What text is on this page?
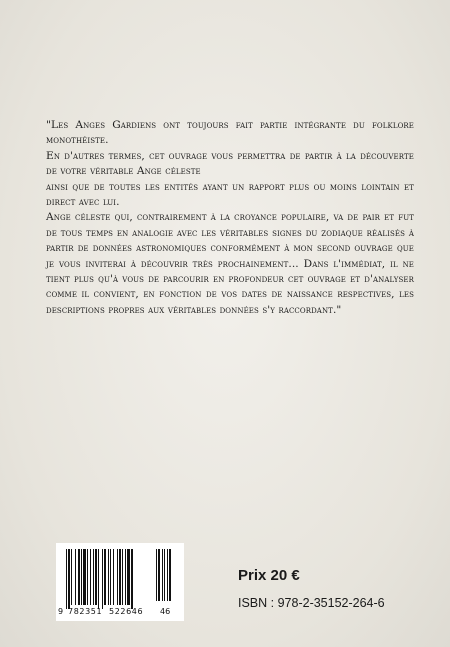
"Les Anges Gardiens ont toujours fait partie intégrante du folklore monothéiste.

En d'autres termes, cet ouvrage vous permettra de partir à la découverte de votre véritable Ange céleste

ainsi que de toutes les entités ayant un rapport plus ou moins lointain et direct avec lui.

Ange céleste qui, contrairement à la croyance populaire, va de pair et fut de tous temps en analogie avec les véritables signes du zodiaque réalisés à partir de données astronomiques conformément à mon second ouvrage que je vous inviterai à découvrir très prochainement... Dans l'immédiat, il ne tient plus qu'à vous de parcourir en profondeur cet ouvrage et d'analyser comme il convient, en fonction de vos dates de naissance respectives, les descriptions propres aux véritables données s'y raccordant."

9 782351 522646 46
Prix 20 €
ISBN : 978-2-35152-264-6
